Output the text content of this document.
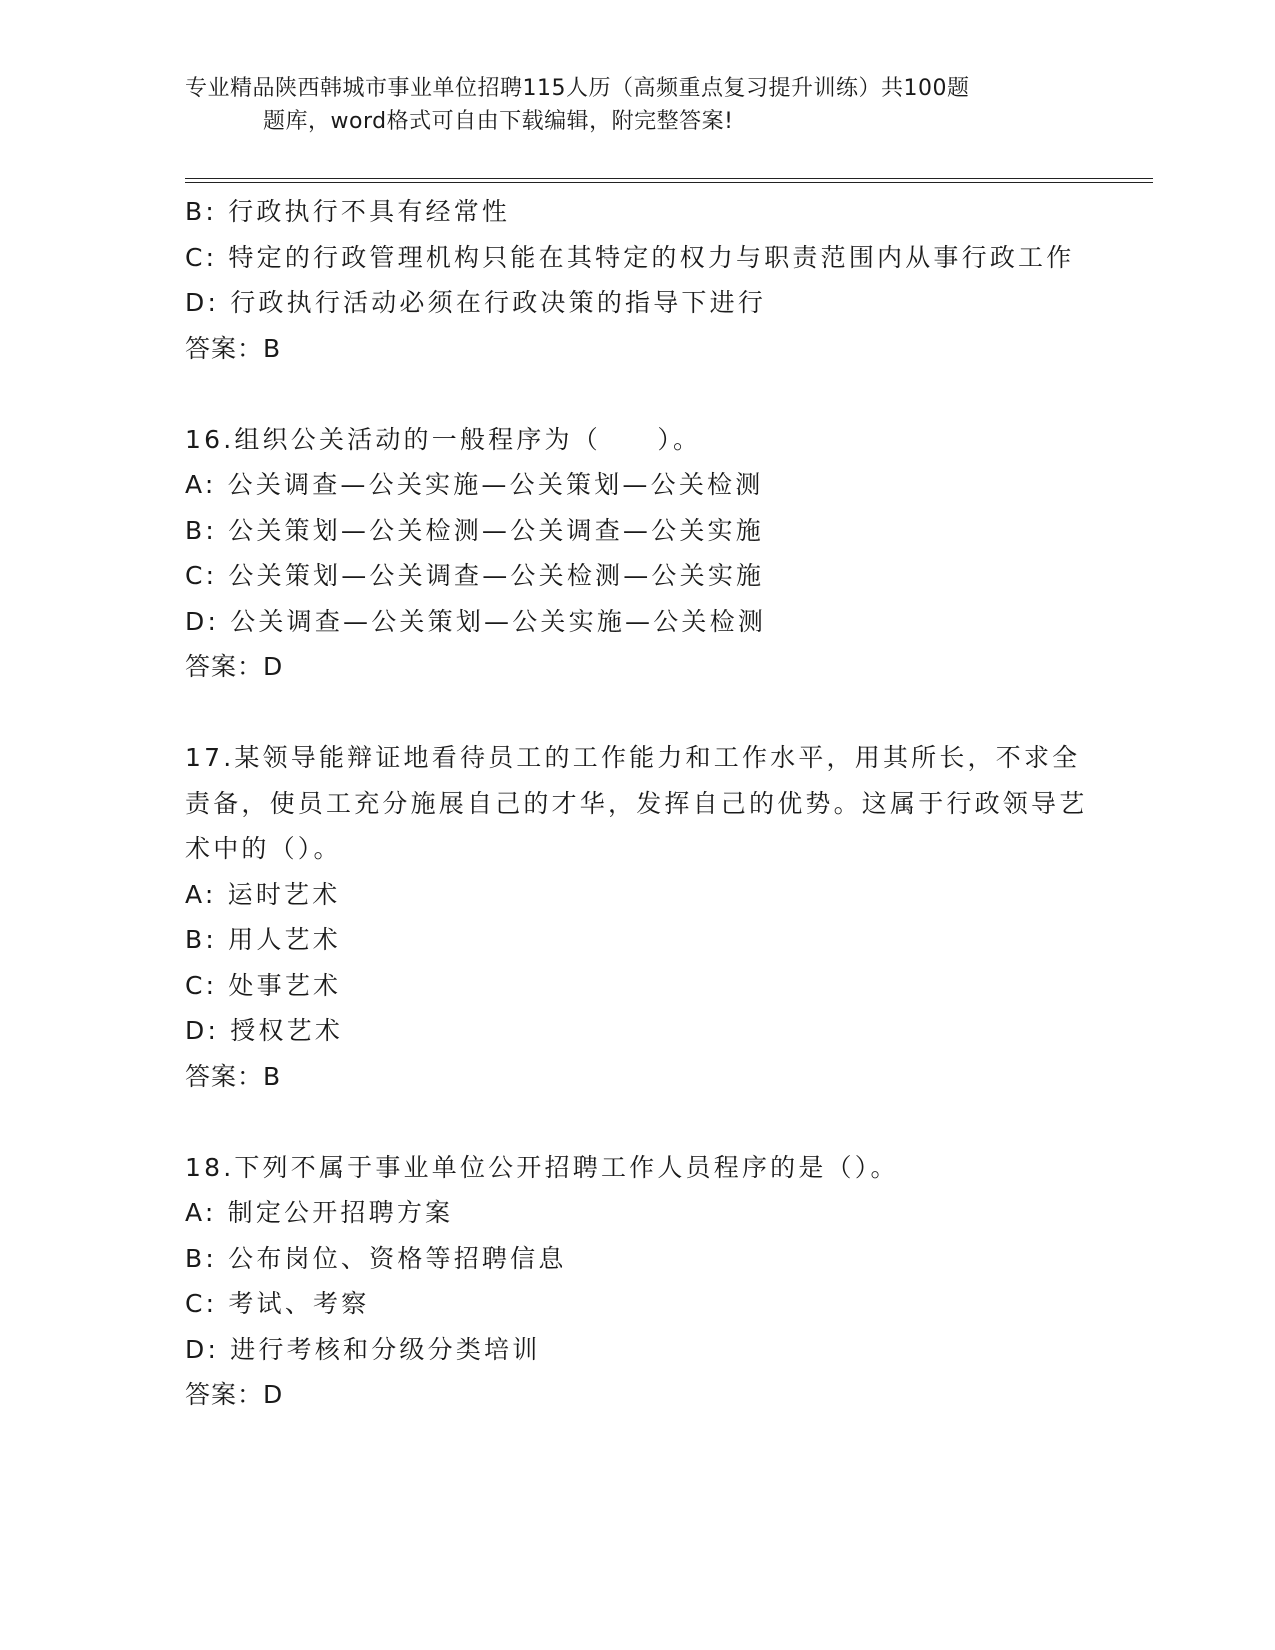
专业精品陕西韩城市事业单位招聘115人历（高频重点复习提升训练）共100题
题库，word格式可自由下载编辑，附完整答案!
B: 行政执行不具有经常性
C: 特定的行政管理机构只能在其特定的权力与职责范围内从事行政工作
D: 行政执行活动必须在行政决策的指导下进行
答案：B
16.组织公关活动的一般程序为（　　）。
A: 公关调查—公关实施—公关策划—公关检测
B: 公关策划—公关检测—公关调查—公关实施
C: 公关策划—公关调查—公关检测—公关实施
D: 公关调查—公关策划—公关实施—公关检测
答案：D
17.某领导能辩证地看待员工的工作能力和工作水平，用其所长，不求全责备，使员工充分施展自己的才华，发挥自己的优势。这属于行政领导艺术中的（）。
A: 运时艺术
B: 用人艺术
C: 处事艺术
D: 授权艺术
答案：B
18.下列不属于事业单位公开招聘工作人员程序的是（）。
A: 制定公开招聘方案
B: 公布岗位、资格等招聘信息
C: 考试、考察
D: 进行考核和分级分类培训
答案：D
